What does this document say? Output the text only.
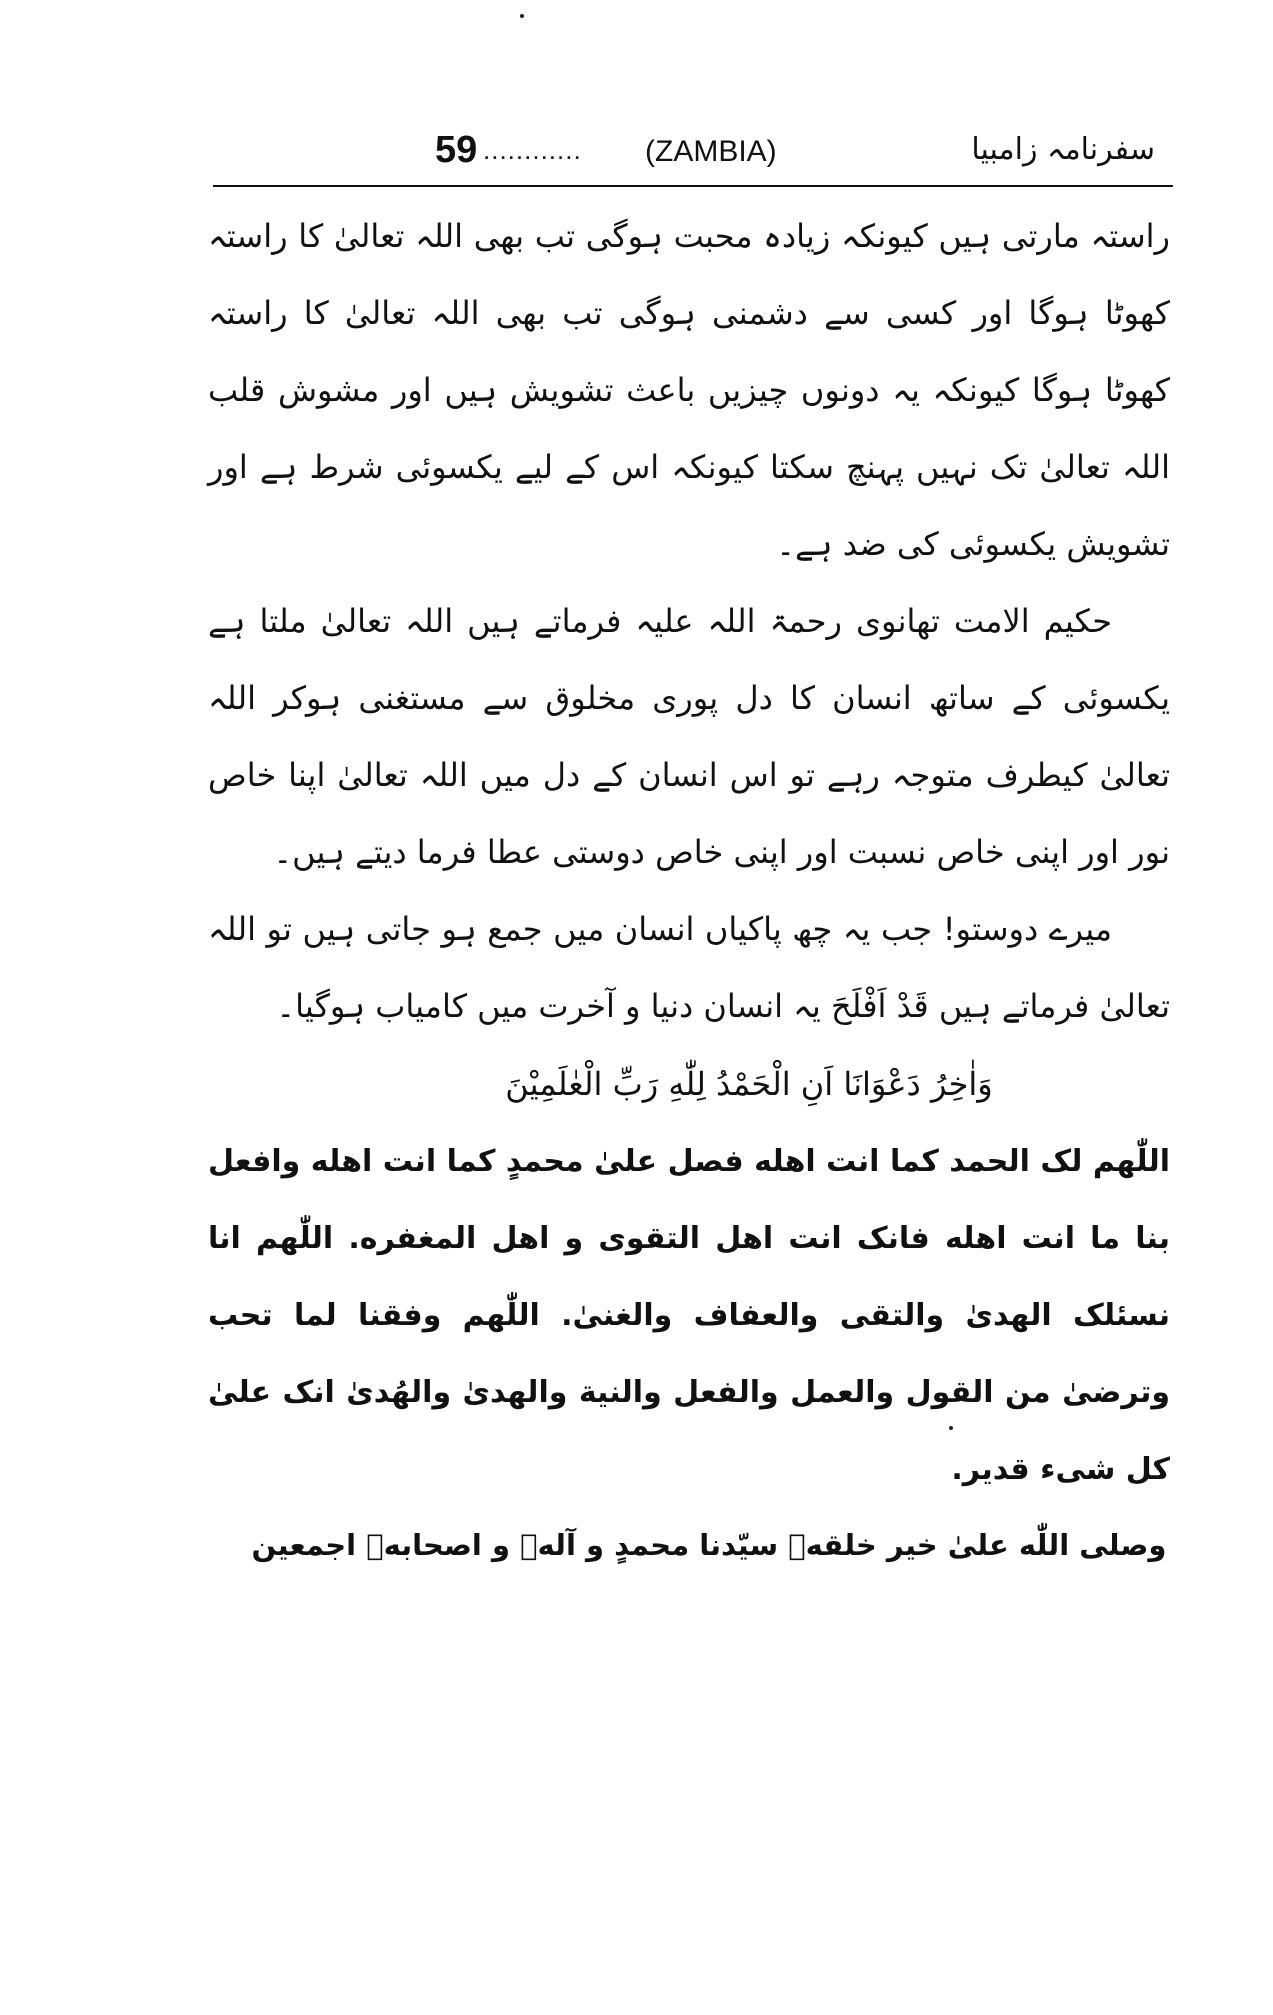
59 ............ (ZAMBIA)	سفرنامہ زامبیا

راستہ مارتی ہیں کیونکہ زیادہ محبت ہوگی تب بھی اللہ تعالیٰ کا راستہ کھوٹا ہوگا اور کسی سے دشمنی ہوگی تب بھی اللہ تعالیٰ کا راستہ کھوٹا ہوگا کیونکہ یہ دونوں چیزیں باعث تشویش ہیں اور مشوش قلب اللہ تعالیٰ تک نہیں پہنچ سکتا کیونکہ اس کے لیے یکسوئی شرط ہے اور تشویش یکسوئی کی ضد ہے۔

حکیم الامت تھانوی رحمۃ اللہ علیہ فرماتے ہیں اللہ تعالیٰ ملتا ہے یکسوئی کے ساتھ انسان کا دل پوری مخلوق سے مستغنی ہوکر اللہ تعالیٰ کیطرف متوجہ رہے تو اس انسان کے دل میں اللہ تعالیٰ اپنا خاص نور اور اپنی خاص نسبت اور اپنی خاص دوستی عطا فرما دیتے ہیں۔

میرے دوستو! جب یہ چھ پاکیاں انسان میں جمع ہو جاتی ہیں تو اللہ تعالیٰ فرماتے ہیں قَدْ اَفْلَحَ یہ انسان دنیا و آخرت میں کامیاب ہوگیا۔

وَاٰخِرُ دَعْوَانَا اَنِ الْحَمْدُ لِلّٰهِ رَبِّ الْعٰلَمِيْنَ

اللّٰهم لک الحمد کما انت اهله فصل علیٰ محمدٍ کما انت اهله وافعل بنا ما انت اهله فانک انت اهل التقوی و اهل المغفره. اللّٰهم انا نسئلک الهدیٰ والتقی والعفاف والغنیٰ. اللّٰهم وفقنا لما تحب وترضیٰ من القول والعمل والفعل والنیة والهدیٰ والهُدیٰ انک علیٰ کل شیء قدیر.

وصلی اللّٰه علیٰ خیر خلقهٖ سیّدنا محمدٍ و آلهٖ و اصحابهٖ اجمعین
